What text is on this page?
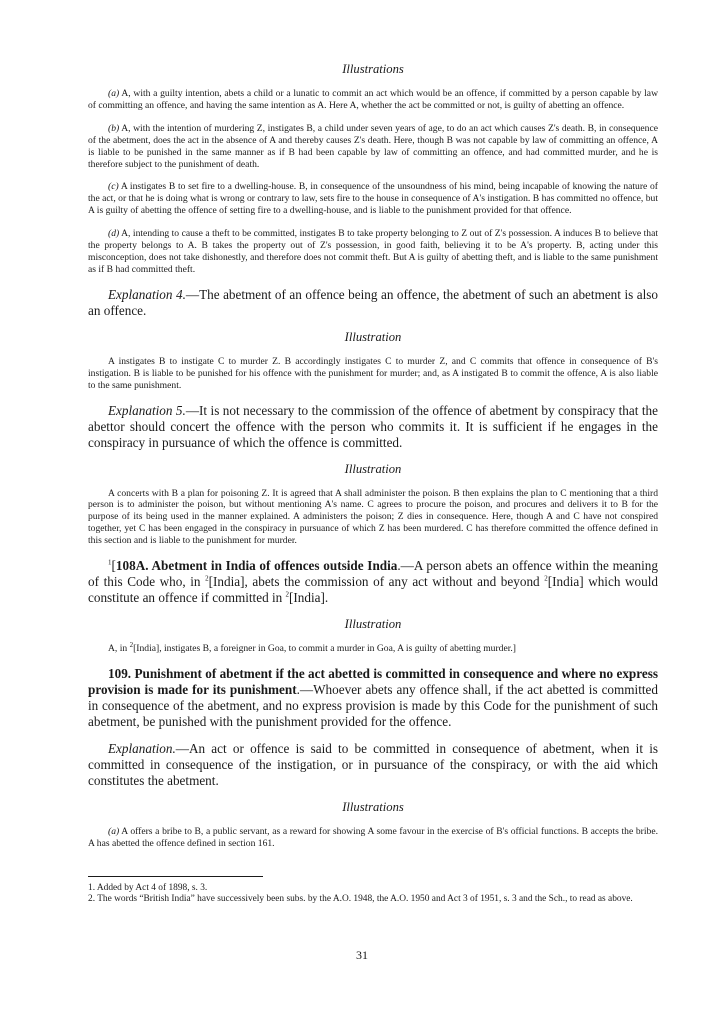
Illustrations

(a) A, with a guilty intention, abets a child or a lunatic to commit an act which would be an offence, if committed by a person capable by law of committing an offence, and having the same intention as A. Here A, whether the act be committed or not, is guilty of abetting an offence.

(b) A, with the intention of murdering Z, instigates B, a child under seven years of age, to do an act which causes Z's death. B, in consequence of the abetment, does the act in the absence of A and thereby causes Z's death. Here, though B was not capable by law of committing an offence, A is liable to be punished in the same manner as if B had been capable by law of committing an offence, and had committed murder, and he is therefore subject to the punishment of death.

(c) A instigates B to set fire to a dwelling-house. B, in consequence of the unsoundness of his mind, being incapable of knowing the nature of the act, or that he is doing what is wrong or contrary to law, sets fire to the house in consequence of A's instigation. B has committed no offence, but A is guilty of abetting the offence of setting fire to a dwelling-house, and is liable to the punishment provided for that offence.

(d) A, intending to cause a theft to be committed, instigates B to take property belonging to Z out of Z's possession. A induces B to believe that the property belongs to A. B takes the property out of Z's possession, in good faith, believing it to be A's property. B, acting under this misconception, does not take dishonestly, and therefore does not commit theft. But A is guilty of abetting theft, and is liable to the same punishment as if B had committed theft.

Explanation 4.—The abetment of an offence being an offence, the abetment of such an abetment is also an offence.

Illustration

A instigates B to instigate C to murder Z. B accordingly instigates C to murder Z, and C commits that offence in consequence of B's instigation. B is liable to be punished for his offence with the punishment for murder; and, as A instigated B to commit the offence, A is also liable to the same punishment.

Explanation 5.—It is not necessary to the commission of the offence of abetment by conspiracy that the abettor should concert the offence with the person who commits it. It is sufficient if he engages in the conspiracy in pursuance of which the offence is committed.

Illustration

A concerts with B a plan for poisoning Z. It is agreed that A shall administer the poison. B then explains the plan to C mentioning that a third person is to administer the poison, but without mentioning A's name. C agrees to procure the poison, and procures and delivers it to B for the purpose of its being used in the manner explained. A administers the poison; Z dies in consequence. Here, though A and C have not conspired together, yet C has been engaged in the conspiracy in pursuance of which Z has been murdered. C has therefore committed the offence defined in this section and is liable to the punishment for murder.

$^1$[108A. Abetment in India of offences outside India.—A person abets an offence within the meaning of this Code who, in $^2$[India], abets the commission of any act without and beyond $^2$[India] which would constitute an offence if committed in $^2$[India].

Illustration

A, in $^2$[India], instigates B, a foreigner in Goa, to commit a murder in Goa, A is guilty of abetting murder.]

109. Punishment of abetment if the act abetted is committed in consequence and where no express provision is made for its punishment.—Whoever abets any offence shall, if the act abetted is committed in consequence of the abetment, and no express provision is made by this Code for the punishment of such abetment, be punished with the punishment provided for the offence.

Explanation.—An act or offence is said to be committed in consequence of abetment, when it is committed in consequence of the instigation, or in pursuance of the conspiracy, or with the aid which constitutes the abetment.

Illustrations

(a) A offers a bribe to B, a public servant, as a reward for showing A some favour in the exercise of B's official functions. B accepts the bribe. A has abetted the offence defined in section 161.

1. Added by Act 4 of 1898, s. 3.

2. The words “British India” have successively been subs. by the A.O. 1948, the A.O. 1950 and Act 3 of 1951, s. 3 and the Sch., to read as above.

31
